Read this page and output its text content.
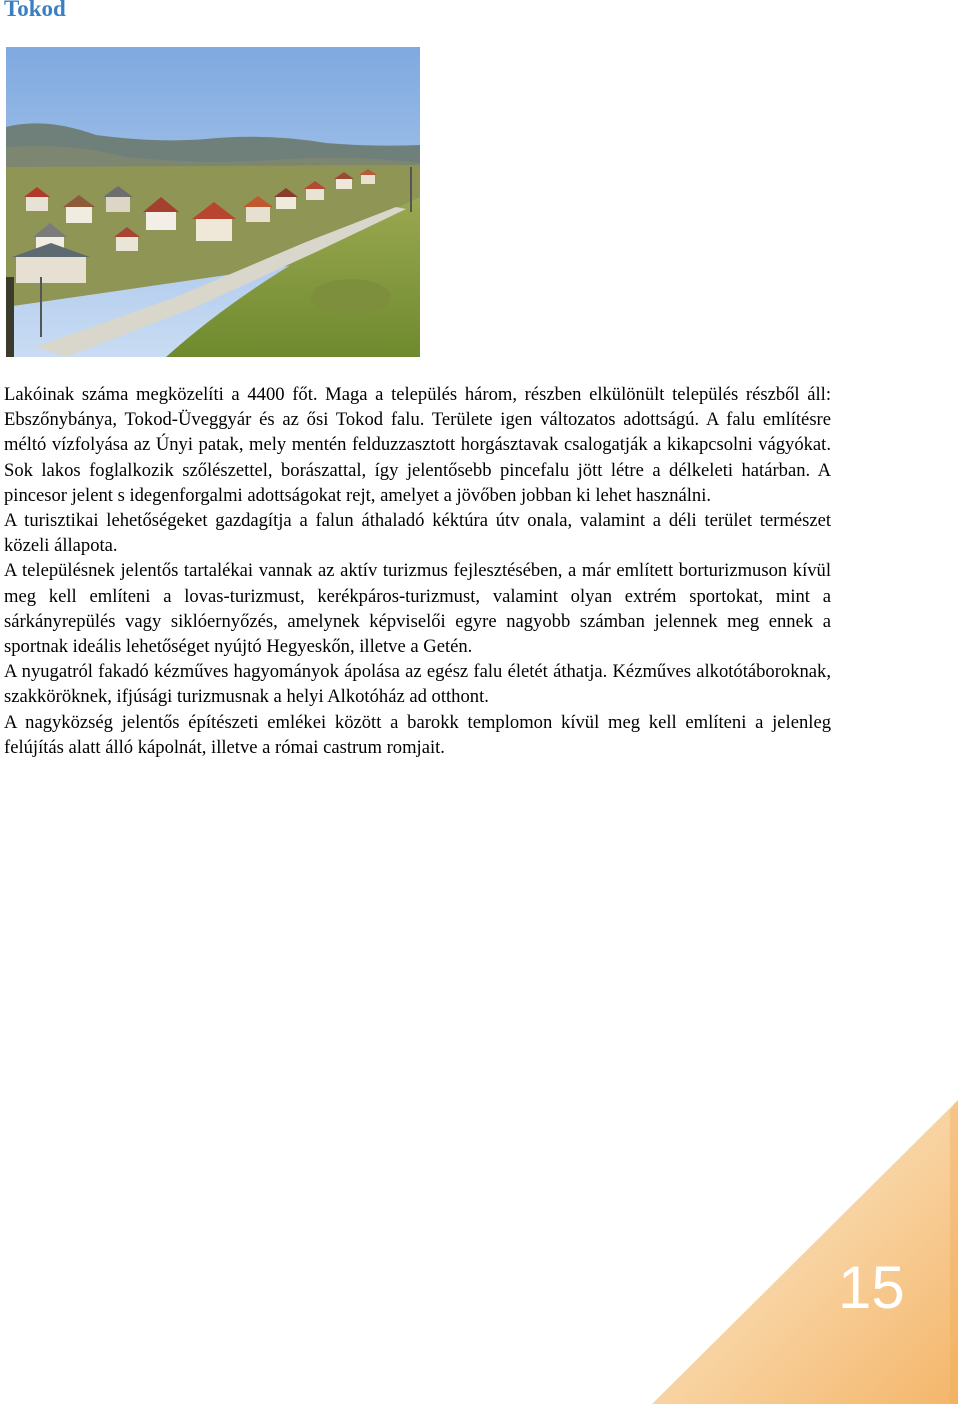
Tokod

Lakóinak száma megközelíti a 4400 főt. Maga a település három, részben elkülönült település részből áll: Ebszőnybánya, Tokod-Üveggyár és az ősi Tokod falu. Területe igen változatos adottságú. A falu említésre méltó vízfolyása az Únyi patak, mely mentén felduzzasztott horgásztavak csalogatják a kikapcsolni vágyókat. Sok lakos foglalkozik szőlészettel, borászattal, így jelentősebb pincefalu jött létre a délkeleti határban. A pincesor jelent s idegenforgalmi adottságokat rejt, amelyet a jövőben jobban ki lehet használni.

A turisztikai lehetőségeket gazdagítja a falun áthaladó kéktúra útv onala, valamint a déli terület természet közeli állapota.

A településnek jelentős tartalékai vannak az aktív turizmus fejlesztésében, a már említett borturizmuson kívül meg kell említeni a lovas-turizmust, kerékpáros-turizmust, valamint olyan extrém sportokat, mint a sárkányrepülés vagy siklóernyőzés, amelynek képviselői egyre nagyobb számban jelennek meg ennek a sportnak ideális lehetőséget nyújtó Hegyeskőn, illetve a Getén.

A nyugatról fakadó kézműves hagyományok ápolása az egész falu életét áthatja. Kézműves alkotótáboroknak, szakköröknek, ifjúsági turizmusnak a helyi Alkotóház ad otthont.

A nagyközség jelentős építészeti emlékei között a barokk templomon kívül meg kell említeni a jelenleg felújítás alatt álló kápolnát, illetve a római castrum romjait.

15
